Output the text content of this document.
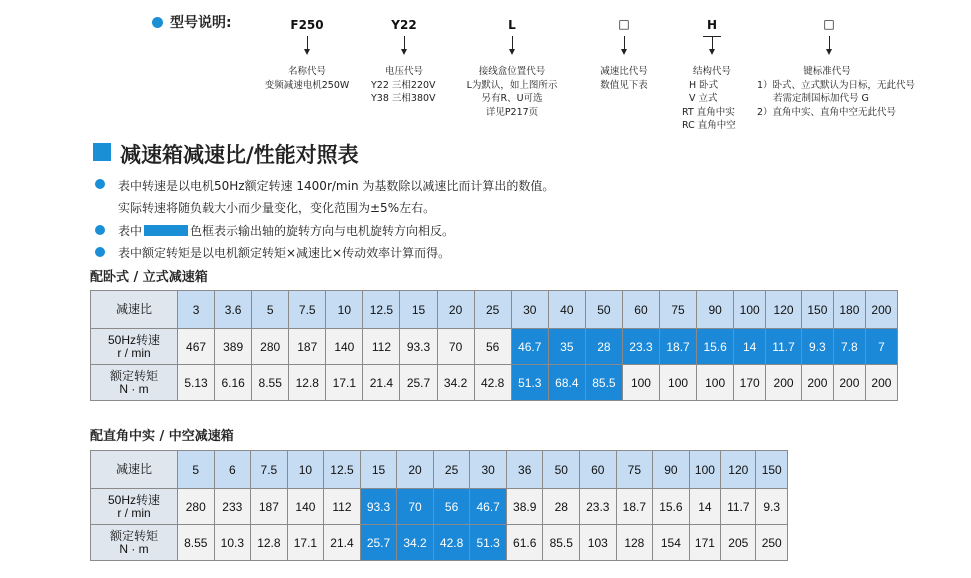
型号说明:	F250	Y22	L	□	H	□
名称代号
变频减速电机250W
电压代号
Y22 三相220V
Y38 三相380V
接线盒位置代号
L为默认，如上图所示
另有R、U可选
详见P217页
减速比代号
数值见下表
结构代号
H 卧式
V 立式
RT 直角中实
RC 直角中空
键标准代号
1）卧式、立式默认为日标，无此代号
若需定制国标加代号 G
2）直角中实、直角中空无此代号
减速箱减速比/性能对照表
表中转速是以电机50Hz额定转速 1400r/min 为基数除以减速比而计算出的数值。
实际转速将随负载大小而少量变化，变化范围为±5%左右。
表中	色框表示输出轴的旋转方向与电机旋转方向相反。
表中额定转矩是以电机额定转矩×减速比×传动效率计算而得。
配卧式 / 立式减速箱
减速比	3	3.6	5	7.5	10	12.5	15	20	25	30	40	50	60	75	90	100	120	150	180	200

50Hz转速
r / min	467	389	280	187	140	112	93.3	70	56	46.7	35	28	23.3	18.7	15.6	14	11.7	9.3	7.8	7

额定转矩
N · m	5.13	6.16	8.55	12.8	17.1	21.4	25.7	34.2	42.8	51.3	68.4	85.5	100	100	100	170	200	200	200	200
配直角中实 / 中空减速箱
减速比	5	6	7.5	10	12.5	15	20	25	30	36	50	60	75	90	100	120	150

50Hz转速
r / min	280	233	187	140	112	93.3	70	56	46.7	38.9	28	23.3	18.7	15.6	14	11.7	9.3

额定转矩
N · m	8.55	10.3	12.8	17.1	21.4	25.7	34.2	42.8	51.3	61.6	85.5	103	128	154	171	205	250
